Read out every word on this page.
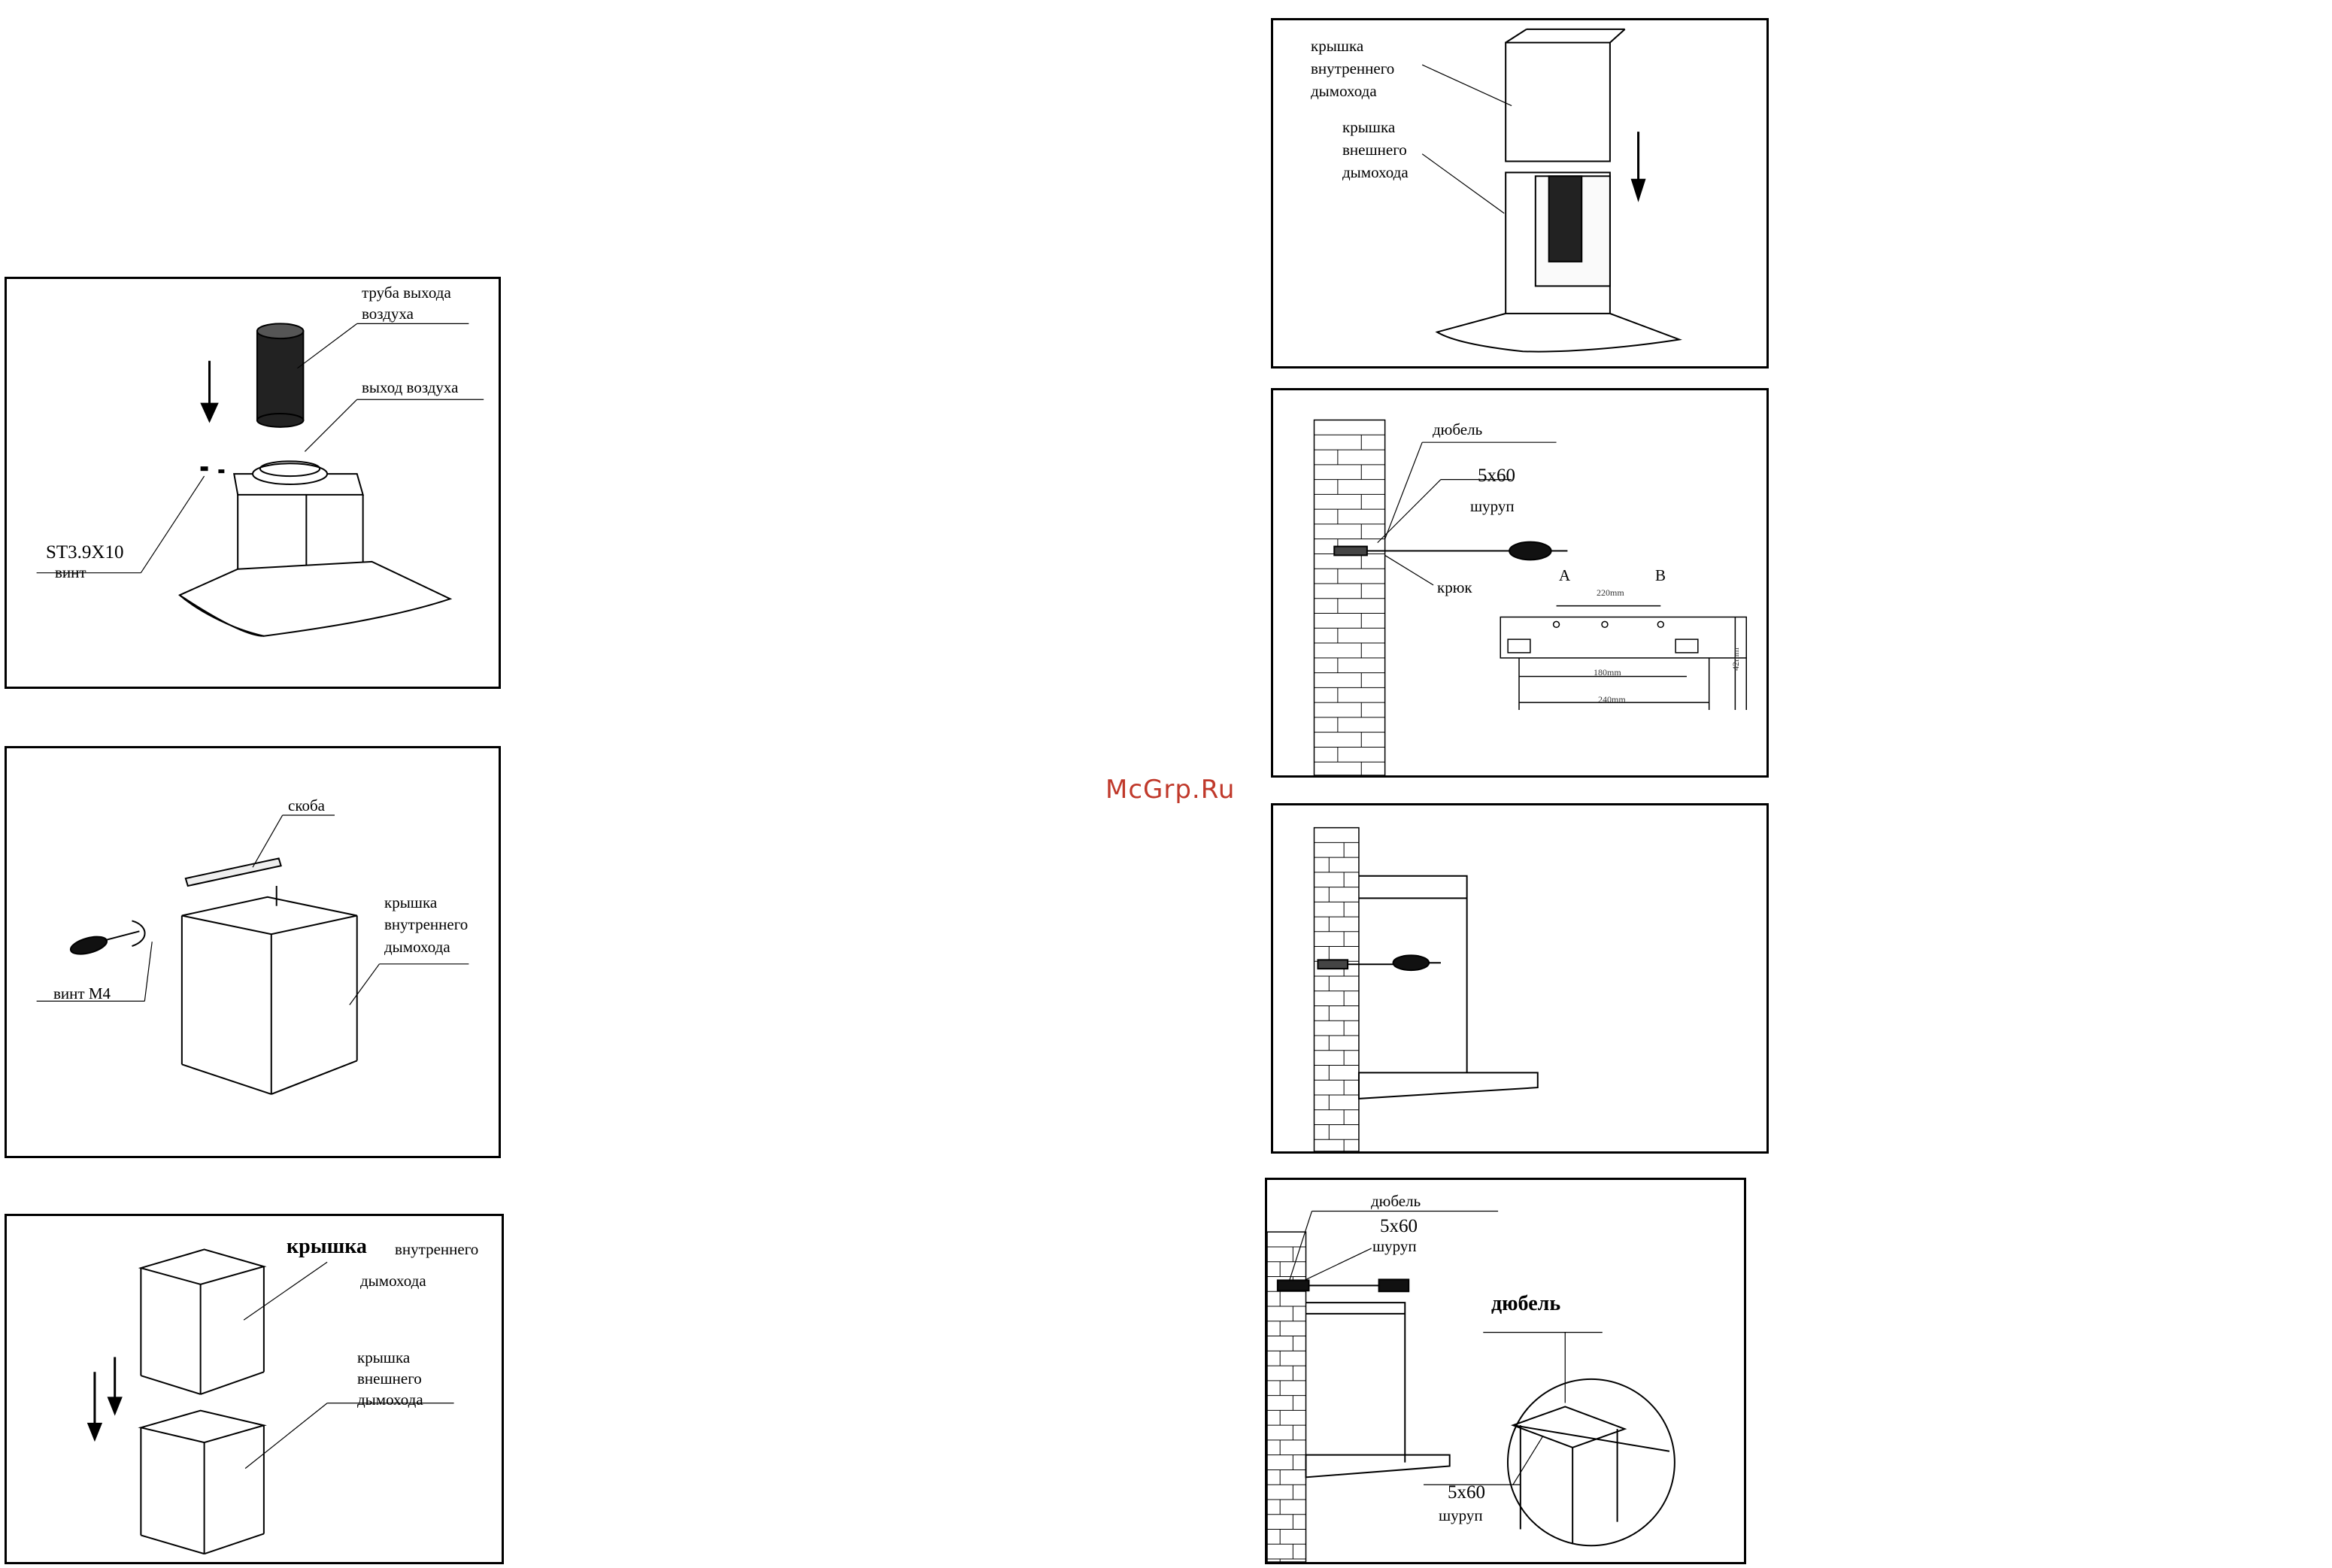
труба выхода
воздуха
выход воздуха
ST3.9X10
винт
скоба
крышка
внутреннего
дымохода
винт М4
крышка внутреннего
дымохода
крышка
внешнего
дымохода
McGrp.Ru
крышка
внутреннего
дымохода
крышка
внешнего
дымохода
дюбель
5x60
шуруп
крюк
A	B
220mm
180mm
240mm
42mm
дюбель
5x60
шуруп
дюбель
5x60
шуруп
